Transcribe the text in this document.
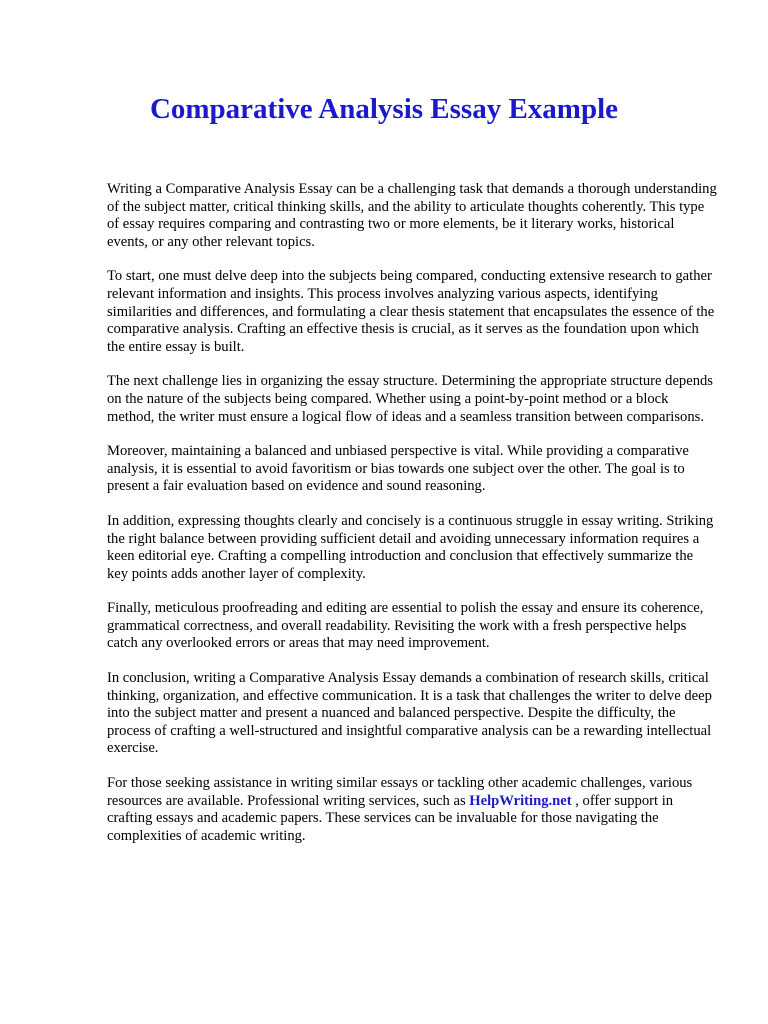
Comparative Analysis Essay Example

Writing a Comparative Analysis Essay can be a challenging task that demands a thorough understanding of the subject matter, critical thinking skills, and the ability to articulate thoughts coherently. This type of essay requires comparing and contrasting two or more elements, be it literary works, historical events, or any other relevant topics.

To start, one must delve deep into the subjects being compared, conducting extensive research to gather relevant information and insights. This process involves analyzing various aspects, identifying similarities and differences, and formulating a clear thesis statement that encapsulates the essence of the comparative analysis. Crafting an effective thesis is crucial, as it serves as the foundation upon which the entire essay is built.

The next challenge lies in organizing the essay structure. Determining the appropriate structure depends on the nature of the subjects being compared. Whether using a point-by-point method or a block method, the writer must ensure a logical flow of ideas and a seamless transition between comparisons.

Moreover, maintaining a balanced and unbiased perspective is vital. While providing a comparative analysis, it is essential to avoid favoritism or bias towards one subject over the other. The goal is to present a fair evaluation based on evidence and sound reasoning.

In addition, expressing thoughts clearly and concisely is a continuous struggle in essay writing. Striking the right balance between providing sufficient detail and avoiding unnecessary information requires a keen editorial eye. Crafting a compelling introduction and conclusion that effectively summarize the key points adds another layer of complexity.

Finally, meticulous proofreading and editing are essential to polish the essay and ensure its coherence, grammatical correctness, and overall readability. Revisiting the work with a fresh perspective helps catch any overlooked errors or areas that may need improvement.

In conclusion, writing a Comparative Analysis Essay demands a combination of research skills, critical thinking, organization, and effective communication. It is a task that challenges the writer to delve deep into the subject matter and present a nuanced and balanced perspective. Despite the difficulty, the process of crafting a well-structured and insightful comparative analysis can be a rewarding intellectual exercise.

For those seeking assistance in writing similar essays or tackling other academic challenges, various resources are available. Professional writing services, such as HelpWriting.net , offer support in crafting essays and academic papers. These services can be invaluable for those navigating the complexities of academic writing.
